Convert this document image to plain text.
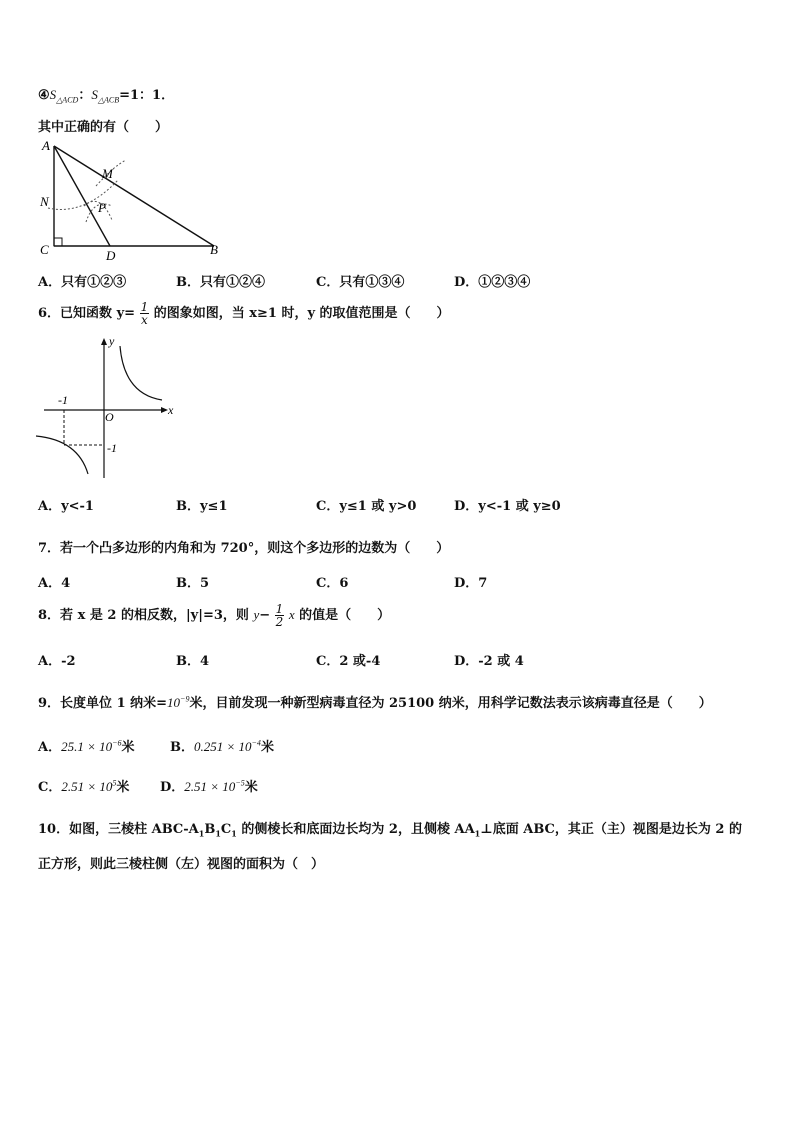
$④S_{\triangle ACD}$：$S_{\triangle ACB}=1$：1．
其中正确的有（　　）
A
M
N	P
C	D	B
A．只有①②③	B．只有①②④	C．只有①③④	D．①②③④
6．已知函数 $y= \frac{1}{x}$ 的图象如图，当 x≥1 时，y 的取值范围是（　　）
y
x
O
-1
-1
A．y<-1	B．y≤1	C．y≤1 或 y>0	D．y<-1 或 y≥0
7．若一个凸多边形的内角和为 720°，则这个多边形的边数为（　　）
A．4	B．5	C．6	D．7
8．若 x 是 2 的相反数，|y|=3，则 $y- \frac{1}{2}$ x 的值是（　　）
A．-2	B．4	C．2 或-4	D．-2 或 4
9．长度单位 1 纳米$=10^{-9}$米，目前发现一种新型病毒直径为 25100 纳米，用科学记数法表示该病毒直径是（　　）
A．$25.1 \times 10^{-6}$米	B．$0.251 \times 10^{-4}$米
C．$2.51 \times 10^5$米 D．$2.51 \times 10^{-5}$米
10．如图，三棱柱 ABC-$A_1B_1C_1$ 的侧棱长和底面边长均为 2，且侧棱 $AA_1\perp$底面 ABC，其正（主）视图是边长为 2 的
正方形，则此三棱柱侧（左）视图的面积为（　）
